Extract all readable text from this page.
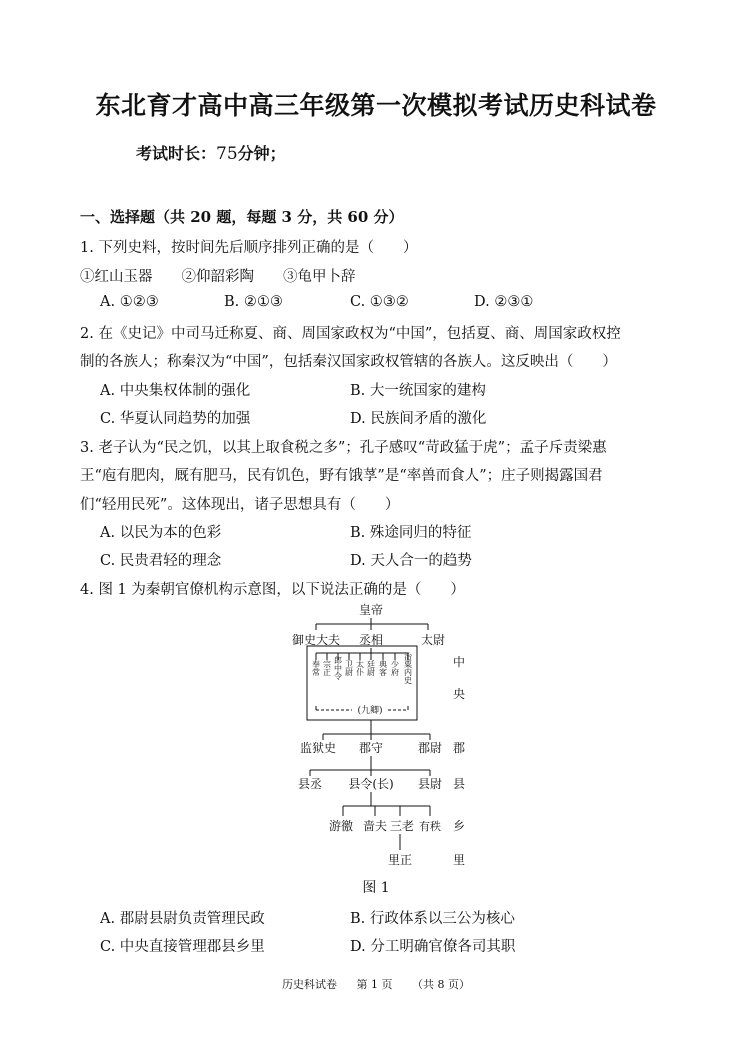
东北育才高中高三年级第一次模拟考试历史科试卷
考试时长：75分钟；
一、选择题（共 20 题，每题 3 分，共 60 分）
1. 下列史料，按时间先后顺序排列正确的是（　　）
①红山玉器　　②仰韶彩陶　　③龟甲卜辞
A. ①②③	B. ②①③	C. ①③②	D. ②③①
2. 在《史记》中司马迁称夏、商、周国家政权为“中国”，包括夏、商、周国家政权控
制的各族人；称秦汉为“中国”，包括秦汉国家政权管辖的各族人。这反映出（　　）
A. 中央集权体制的强化	B. 大一统国家的建构
C. 华夏认同趋势的加强	D. 民族间矛盾的激化
3. 老子认为“民之饥，以其上取食税之多”；孔子感叹“苛政猛于虎”；孟子斥责梁惠
王“庖有肥肉，厩有肥马，民有饥色，野有饿莩”是“率兽而食人”；庄子则揭露国君
们“轻用民死”。这体现出，诸子思想具有（　　）
A. 以民为本的色彩	B. 殊途同归的特征
C. 民贵君轻的理念	D. 天人合一的趋势
4. 图 1 为秦朝官僚机构示意图，以下说法正确的是（　　）
皇帝
御史大夫 丞相	太尉
奉常 宗正 郎中令 卫尉 太仆 廷尉 典客 少府 治粟内史
(九卿)
监狱史 郡守	郡尉
县丞 县令(长) 县尉
游徼 啬夫 三老 有秩
里正
中
央
郡
县
乡
里
图 1
A. 郡尉县尉负责管理民政	B. 行政体系以三公为核心
C. 中央直接管理郡县乡里	D. 分工明确官僚各司其职
历史科试卷 第 1 页 （共 8 页）
